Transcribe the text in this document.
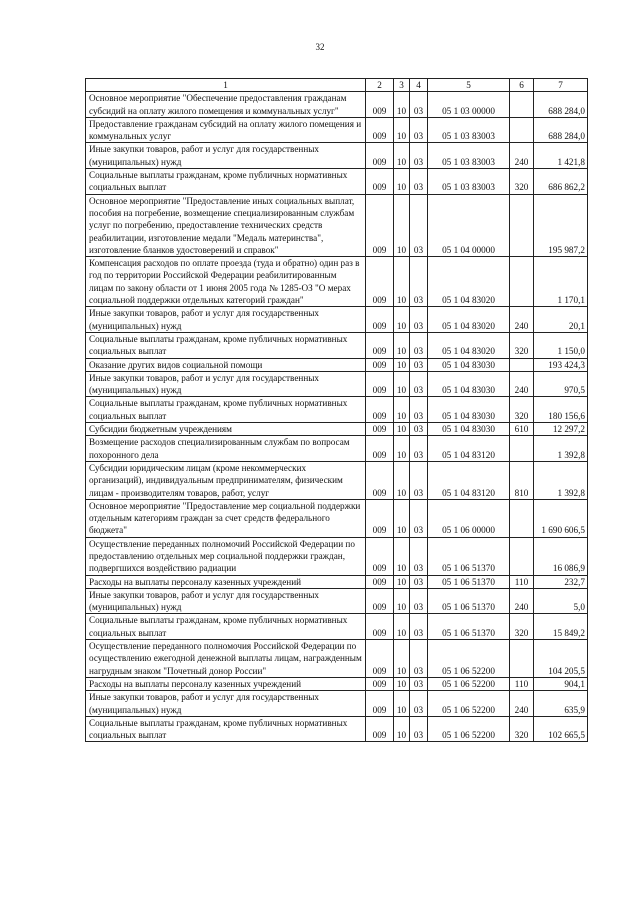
32
1	2	3	4	5	6	7
Основное мероприятие "Обеспечение предоставления гражданам субсидий на оплату жилого помещения и коммунальных услуг"	009	10	03	05 1 03 00000		688 284,0
Предоставление гражданам субсидий на оплату жилого помещения и коммунальных услуг	009	10	03	05 1 03 83003		688 284,0
Иные закупки товаров, работ и услуг для государственных (муниципальных) нужд	009	10	03	05 1 03 83003	240	1 421,8
Социальные выплаты гражданам, кроме публичных нормативных социальных выплат	009	10	03	05 1 03 83003	320	686 862,2
Основное мероприятие "Предоставление иных социальных выплат, пособия на погребение, возмещение специализированным службам услуг по погребению, предоставление технических средств реабилитации, изготовление медали "Медаль материнства", изготовление бланков удостоверений и справок"	009	10	03	05 1 04 00000		195 987,2
Компенсация расходов по оплате проезда (туда и обратно) один раз в год по территории Российской Федерации реабилитированным лицам по закону области от 1 июня 2005 года № 1285-ОЗ "О мерах социальной поддержки отдельных категорий граждан"	009	10	03	05 1 04 83020		1 170,1
Иные закупки товаров, работ и услуг для государственных (муниципальных) нужд	009	10	03	05 1 04 83020	240	20,1
Социальные выплаты гражданам, кроме публичных нормативных социальных выплат	009	10	03	05 1 04 83020	320	1 150,0
Оказание других видов социальной помощи	009	10	03	05 1 04 83030		193 424,3
Иные закупки товаров, работ и услуг для государственных (муниципальных) нужд	009	10	03	05 1 04 83030	240	970,5
Социальные выплаты гражданам, кроме публичных нормативных социальных выплат	009	10	03	05 1 04 83030	320	180 156,6
Субсидии бюджетным учреждениям	009	10	03	05 1 04 83030	610	12 297,2
Возмещение расходов специализированным службам по вопросам похоронного дела	009	10	03	05 1 04 83120		1 392,8
Субсидии юридическим лицам (кроме некоммерческих организаций), индивидуальным предпринимателям, физическим лицам - производителям товаров, работ, услуг	009	10	03	05 1 04 83120	810	1 392,8
Основное мероприятие "Предоставление мер социальной поддержки отдельным категориям граждан за счет средств федерального бюджета"	009	10	03	05 1 06 00000		1 690 606,5
Осуществление переданных полномочий Российской Федерации по предоставлению отдельных мер социальной поддержки граждан, подвергшихся воздействию радиации	009	10	03	05 1 06 51370		16 086,9
Расходы на выплаты персоналу казенных учреждений	009	10	03	05 1 06 51370	110	232,7
Иные закупки товаров, работ и услуг для государственных (муниципальных) нужд	009	10	03	05 1 06 51370	240	5,0
Социальные выплаты гражданам, кроме публичных нормативных социальных выплат	009	10	03	05 1 06 51370	320	15 849,2
Осуществление переданного полномочия Российской Федерации по осуществлению ежегодной денежной выплаты лицам, награжденным нагрудным знаком "Почетный донор России"	009	10	03	05 1 06 52200		104 205,5
Расходы на выплаты персоналу казенных учреждений	009	10	03	05 1 06 52200	110	904,1
Иные закупки товаров, работ и услуг для государственных (муниципальных) нужд	009	10	03	05 1 06 52200	240	635,9
Социальные выплаты гражданам, кроме публичных нормативных социальных выплат	009	10	03	05 1 06 52200	320	102 665,5
